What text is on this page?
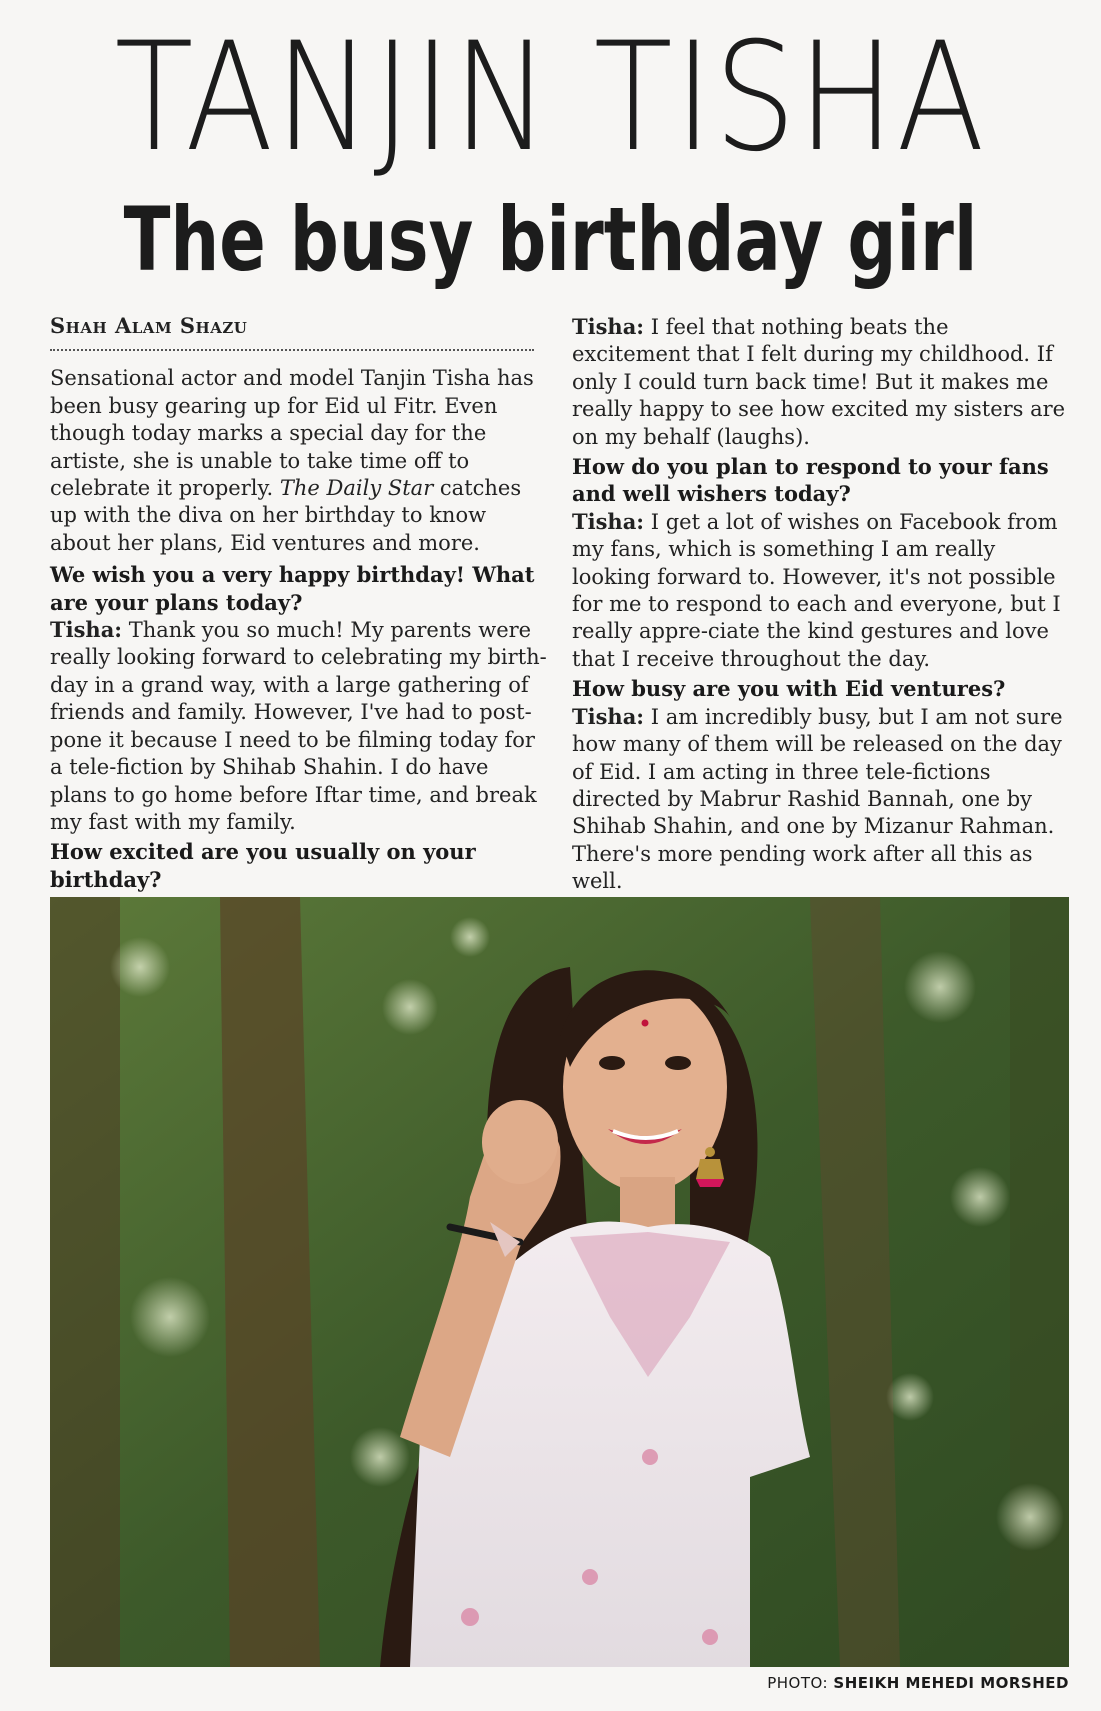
TANJIN TISHA
The busy birthday girl

Shah Alam Shazu

Sensational actor and model Tanjin Tisha has been busy gearing up for Eid ul Fitr. Even though today marks a special day for the artiste, she is unable to take time off to celebrate it properly. The Daily Star catches up with the diva on her birthday to know about her plans, Eid ventures and more.

We wish you a very happy birthday! What are your plans today?

Tisha: Thank you so much! My parents were really looking forward to celebrating my birth-day in a grand way, with a large gathering of friends and family. However, I've had to post-pone it because I need to be filming today for a tele-fiction by Shihab Shahin. I do have plans to go home before Iftar time, and break my fast with my family.

How excited are you usually on your birthday?

Tisha: I feel that nothing beats the excitement that I felt during my childhood. If only I could turn back time! But it makes me really happy to see how excited my sisters are on my behalf (laughs).

How do you plan to respond to your fans and well wishers today?

Tisha: I get a lot of wishes on Facebook from my fans, which is something I am really looking forward to. However, it's not possible for me to respond to each and everyone, but I really appre-ciate the kind gestures and love that I receive throughout the day.

How busy are you with Eid ventures?

Tisha: I am incredibly busy, but I am not sure how many of them will be released on the day of Eid. I am acting in three tele-fictions directed by Mabrur Rashid Bannah, one by Shihab Shahin, and one by Mizanur Rahman. There's more pending work after all this as well.

PHOTO: SHEIKH MEHEDI MORSHED
